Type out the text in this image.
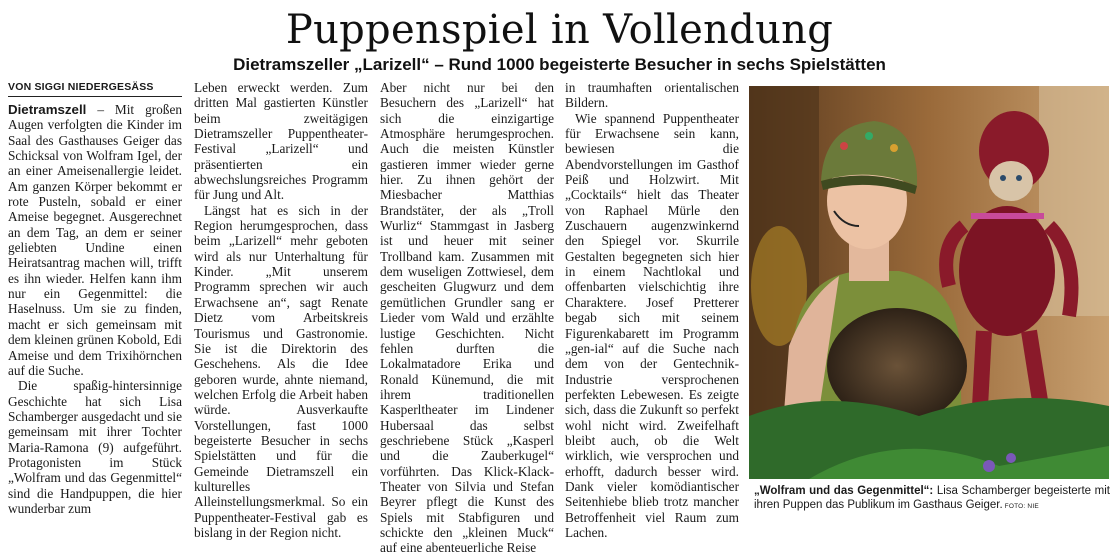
Puppenspiel in Vollendung
Dietramszeller „Larizell“ – Rund 1000 begeisterte Besucher in sechs Spielstätten
VON SIGGI NIEDERGESÄSS

Dietramszell – Mit großen Augen verfolgten die Kinder im Saal des Gasthauses Geiger das Schicksal von Wolfram Igel, der an einer Ameisenallergie leidet. Am ganzen Körper bekommt er rote Pusteln, sobald er einer Ameise begegnet. Ausgerechnet an dem Tag, an dem er seiner geliebten Undine einen Heiratsantrag machen will, trifft es ihn wieder. Helfen kann ihm nur ein Gegenmittel: die Haselnuss. Um sie zu finden, macht er sich gemeinsam mit dem kleinen grünen Kobold, Edi Ameise und dem Trixihörnchen auf die Suche.

Die spaßig-hintersinnige Geschichte hat sich Lisa Schamberger ausgedacht und sie gemeinsam mit ihrer Tochter Maria-Ramona (9) aufgeführt. Protagonisten im Stück „Wolfram und das Gegenmittel“ sind die Handpuppen, die hier wunderbar zum

Leben erweckt werden. Zum dritten Mal gastierten Künstler beim zweitägigen Dietramszeller Puppentheater-Festival „Larizell“ und präsentierten ein abwechslungsreiches Programm für Jung und Alt.

Längst hat es sich in der Region herumgesprochen, dass beim „Larizell“ mehr geboten wird als nur Unterhaltung für Kinder. „Mit unserem Programm sprechen wir auch Erwachsene an“, sagt Renate Dietz vom Arbeitskreis Tourismus und Gastronomie. Sie ist die Direktorin des Geschehens. Als die Idee geboren wurde, ahnte niemand, welchen Erfolg die Arbeit haben würde. Ausverkaufte Vorstellungen, fast 1000 begeisterte Besucher in sechs Spielstätten und für die Gemeinde Dietramszell ein kulturelles Alleinstellungsmerkmal. So ein Puppentheater-Festival gab es bislang in der Region nicht.

Aber nicht nur bei den Besuchern des „Larizell“ hat sich die einzigartige Atmosphäre herumgesprochen. Auch die meisten Künstler gastieren immer wieder gerne hier. Zu ihnen gehört der Miesbacher Matthias Brandstäter, der als „Troll Wurliz“ Stammgast in Jasberg ist und heuer mit seiner Trollband kam. Zusammen mit dem wuseligen Zottwiesel, dem gescheiten Glugwurz und dem gemütlichen Grundler sang er Lieder vom Wald und erzählte lustige Geschichten. Nicht fehlen durften die Lokalmatadore Erika und Ronald Künemund, die mit ihrem traditionellen Kasperltheater im Lindener Hubersaal das selbst geschriebene Stück „Kasperl und die Zauberkugel“ vorführten. Das Klick-Klack-Theater von Silvia und Stefan Beyrer pflegt die Kunst des Spiels mit Stabfiguren und schickte den „kleinen Muck“ auf eine abenteuerliche Reise

in traumhaften orientalischen Bildern.

Wie spannend Puppentheater für Erwachsene sein kann, bewiesen die Abendvorstellungen im Gasthof Peiß und Holzwirt. Mit „Cocktails“ hielt das Theater von Raphael Mürle den Zuschauern augenzwinkernd den Spiegel vor. Skurrile Gestalten begegneten sich hier in einem Nachtlokal und offenbarten vielschichtig ihre Charaktere. Josef Pretterer begab sich mit seinem Figurenkabarett im Programm „gen-ial“ auf die Suche nach dem von der Gentechnik-Industrie versprochenen perfekten Lebewesen. Es zeigte sich, dass die Zukunft so perfekt wohl nicht wird. Zweifelhaft bleibt auch, ob die Welt wirklich, wie versprochen und erhofft, dadurch besser wird. Dank vieler komödiantischer Seitenhiebe blieb trotz mancher Betroffenheit viel Raum zum Lachen.

„Wolfram und das Gegenmittel“: Lisa Schamberger begeisterte mit ihren Puppen das Publikum im Gasthaus Geiger. FOTO: NIE
